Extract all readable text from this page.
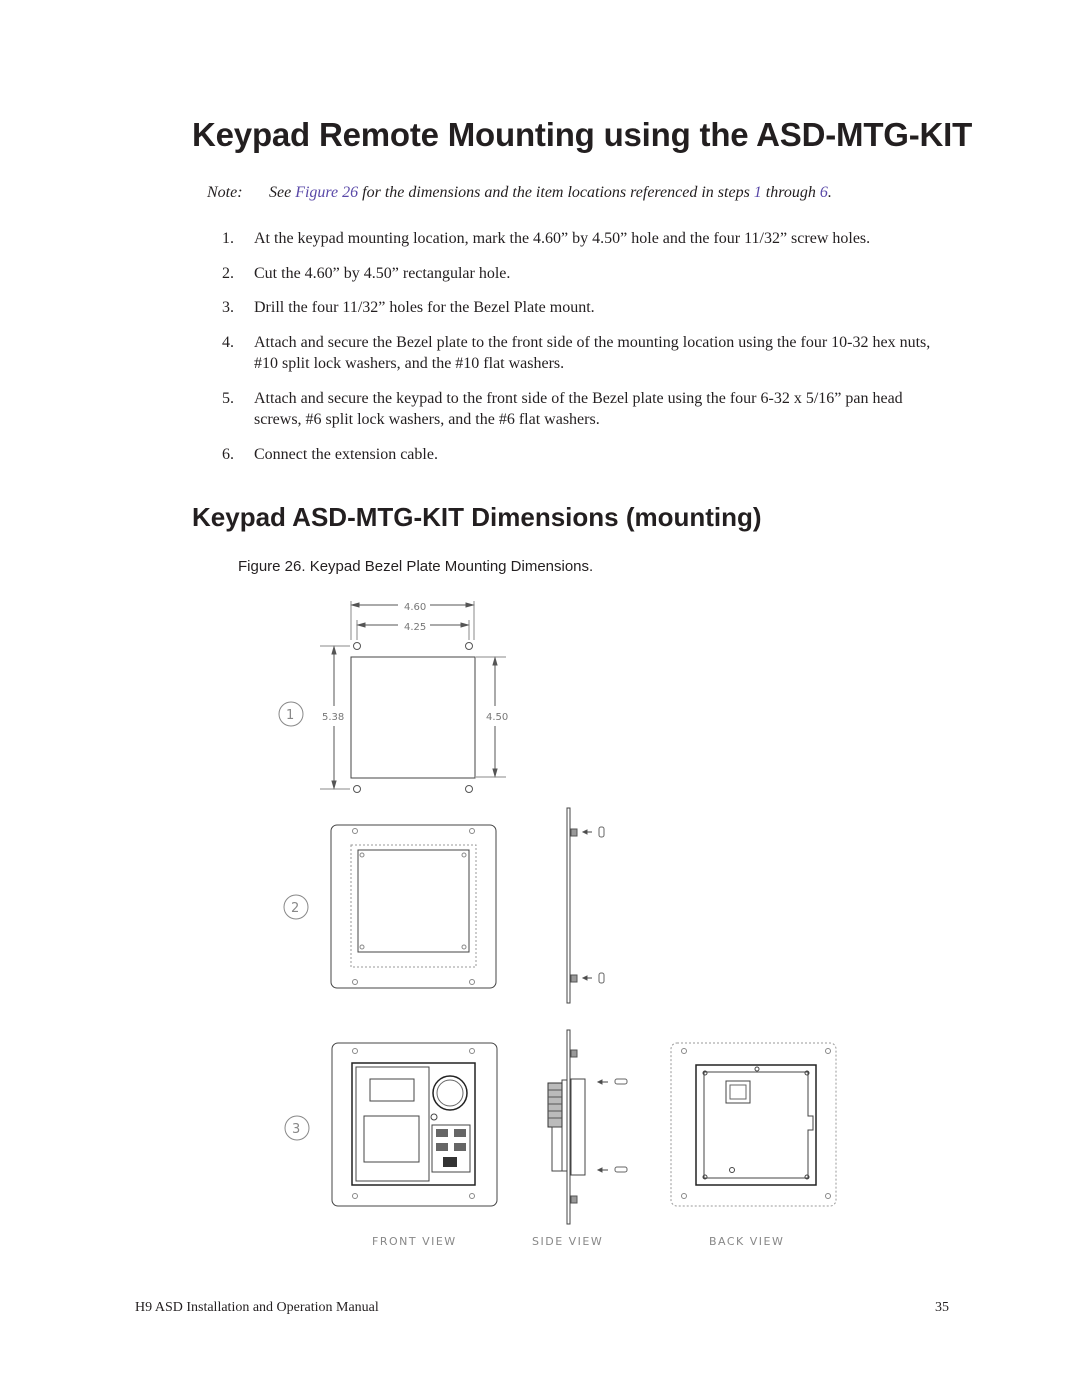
Keypad Remote Mounting using the ASD-MTG-KIT
Note: See Figure 26 for the dimensions and the item locations referenced in steps 1 through 6.
1. At the keypad mounting location, mark the 4.60” by 4.50” hole and the four 11/32” screw holes.
2. Cut the 4.60” by 4.50” rectangular hole.
3. Drill the four 11/32” holes for the Bezel Plate mount.
4. Attach and secure the Bezel plate to the front side of the mounting location using the four 10-32 hex nuts, #10 split lock washers, and the #10 flat washers.
5. Attach and secure the keypad to the front side of the Bezel plate using the four 6-32 x 5/16” pan head screws, #6 split lock washers, and the #6 flat washers.
6. Connect the extension cable.
Keypad ASD-MTG-KIT Dimensions (mounting)
Figure 26. Keypad Bezel Plate Mounting Dimensions.
4.60
4.25
5.38	4.50
1
2
3
FRONT VIEW	SIDE VIEW	BACK VIEW
H9 ASD Installation and Operation Manual	35
